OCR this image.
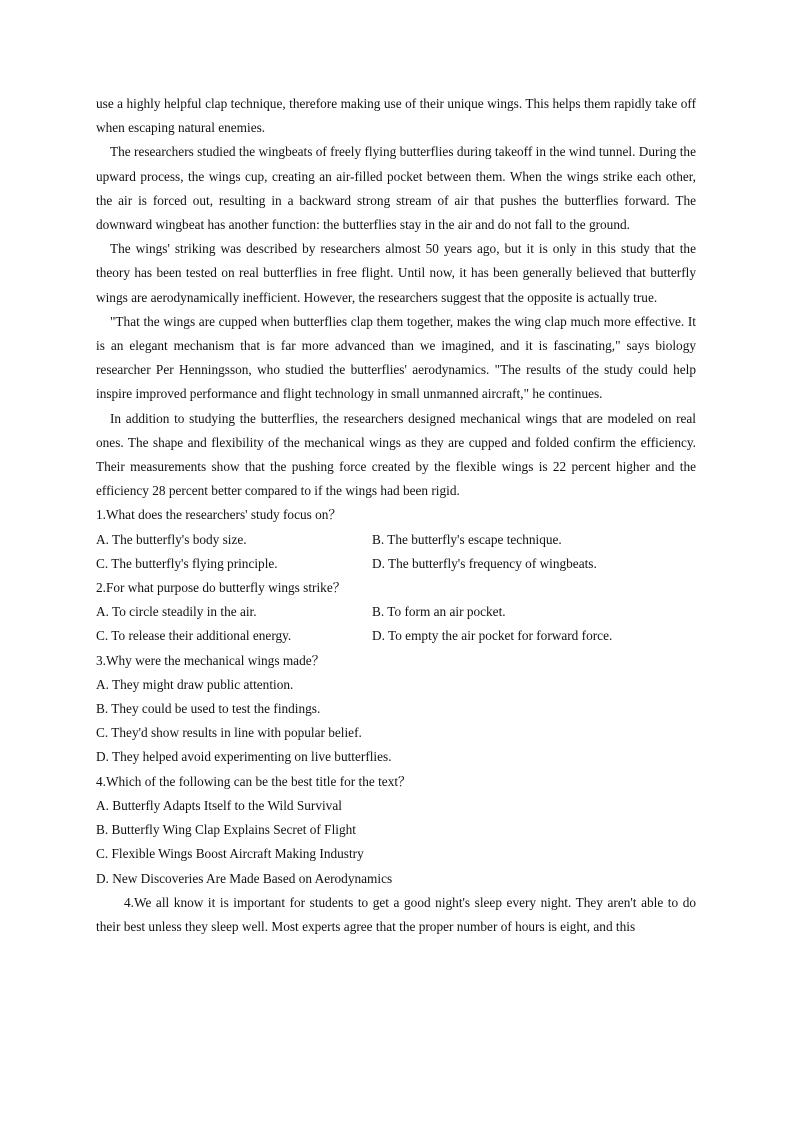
use a highly helpful clap technique, therefore making use of their unique wings. This helps them rapidly take off when escaping natural enemies.

The researchers studied the wingbeats of freely flying butterflies during takeoff in the wind tunnel. During the upward process, the wings cup, creating an air-filled pocket between them. When the wings strike each other, the air is forced out, resulting in a backward strong stream of air that pushes the butterflies forward. The downward wingbeat has another function: the butterflies stay in the air and do not fall to the ground.

The wings' striking was described by researchers almost 50 years ago, but it is only in this study that the theory has been tested on real butterflies in free flight. Until now, it has been generally believed that butterfly wings are aerodynamically inefficient. However, the researchers suggest that the opposite is actually true.

"That the wings are cupped when butterflies clap them together, makes the wing clap much more effective. It is an elegant mechanism that is far more advanced than we imagined, and it is fascinating," says biology researcher Per Henningsson, who studied the butterflies' aerodynamics. "The results of the study could help inspire improved performance and flight technology in small unmanned aircraft," he continues.

In addition to studying the butterflies, the researchers designed mechanical wings that are modeled on real ones. The shape and flexibility of the mechanical wings as they are cupped and folded confirm the efficiency. Their measurements show that the pushing force created by the flexible wings is 22 percent higher and the efficiency 28 percent better compared to if the wings had been rigid.

1.What does the researchers' study focus on？

A. The butterfly's body size.	B. The butterfly's escape technique.
C. The butterfly's flying principle.	D. The butterfly's frequency of wingbeats.

2.For what purpose do butterfly wings strike？

A. To circle steadily in the air.	B. To form an air pocket.
C. To release their additional energy.	D. To empty the air pocket for forward force.

3.Why were the mechanical wings made？

A. They might draw public attention.

B. They could be used to test the findings.

C. They'd show results in line with popular belief.

D. They helped avoid experimenting on live butterflies.

4.Which of the following can be the best title for the text？

A. Butterfly Adapts Itself to the Wild Survival

B. Butterfly Wing Clap Explains Secret of Flight

C. Flexible Wings Boost Aircraft Making Industry

D. New Discoveries Are Made Based on Aerodynamics

4.We all know it is important for students to get a good night's sleep every night. They aren't able to do their best unless they sleep well. Most experts agree that the proper number of hours is eight, and this
